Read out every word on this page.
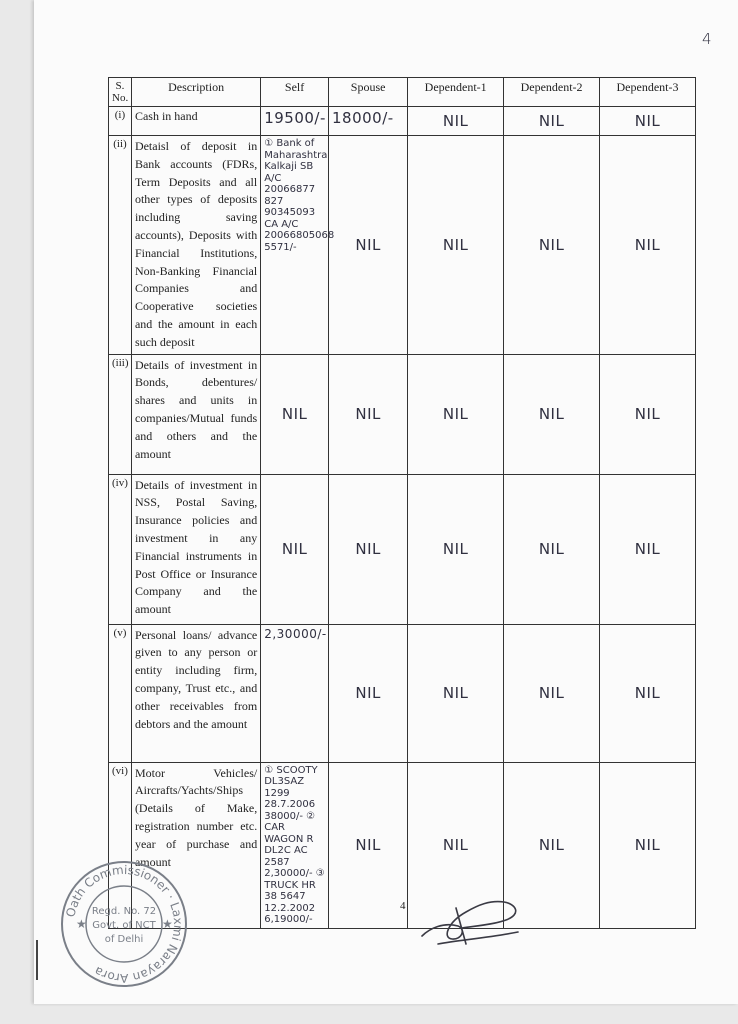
4
S. No.	Description	Self	Spouse	Dependent-1	Dependent-2	Dependent-3
(i)	Cash in hand	19500/-	18000/-	NIL	NIL	NIL
(ii)	Detaisl of deposit in Bank accounts (FDRs, Term Deposits and all other types of deposits including saving accounts), Deposits with Financial Institutions, Non-Banking Financial Companies and Cooperative societies and the amount in each such deposit	① Bank of Maharashtra Kalkaji SB A/C 20066877 827 90345093 CA A/C 20066805068 5571/-	NIL	NIL	NIL	NIL
(iii)	Details of investment in Bonds, debentures/ shares and units in companies/Mutual funds and others and the amount	NIL	NIL	NIL	NIL	NIL
(iv)	Details of investment in NSS, Postal Saving, Insurance policies and investment in any Financial instruments in Post Office or Insurance Company and the amount	NIL	NIL	NIL	NIL	NIL
(v)	Personal loans/ advance given to any person or entity including firm, company, Trust etc., and other receivables from debtors and the amount	2,30000/-	NIL	NIL	NIL	NIL
(vi)	Motor Vehicles/ Aircrafts/Yachts/Ships (Details of Make, registration number etc. year of purchase and amount	① SCOOTY DL3SAZ 1299 28.7.2006 38000/- ② CAR WAGON R DL2C AC 2587 2,30000/- ③ TRUCK HR 38 5647 12.2.2002 6,19000/-	NIL	NIL	NIL	NIL
4
Oath Commissioner · Laxmi Narayan Arora
★	★
Regd. No. 72
Govt. of NCT
of Delhi
